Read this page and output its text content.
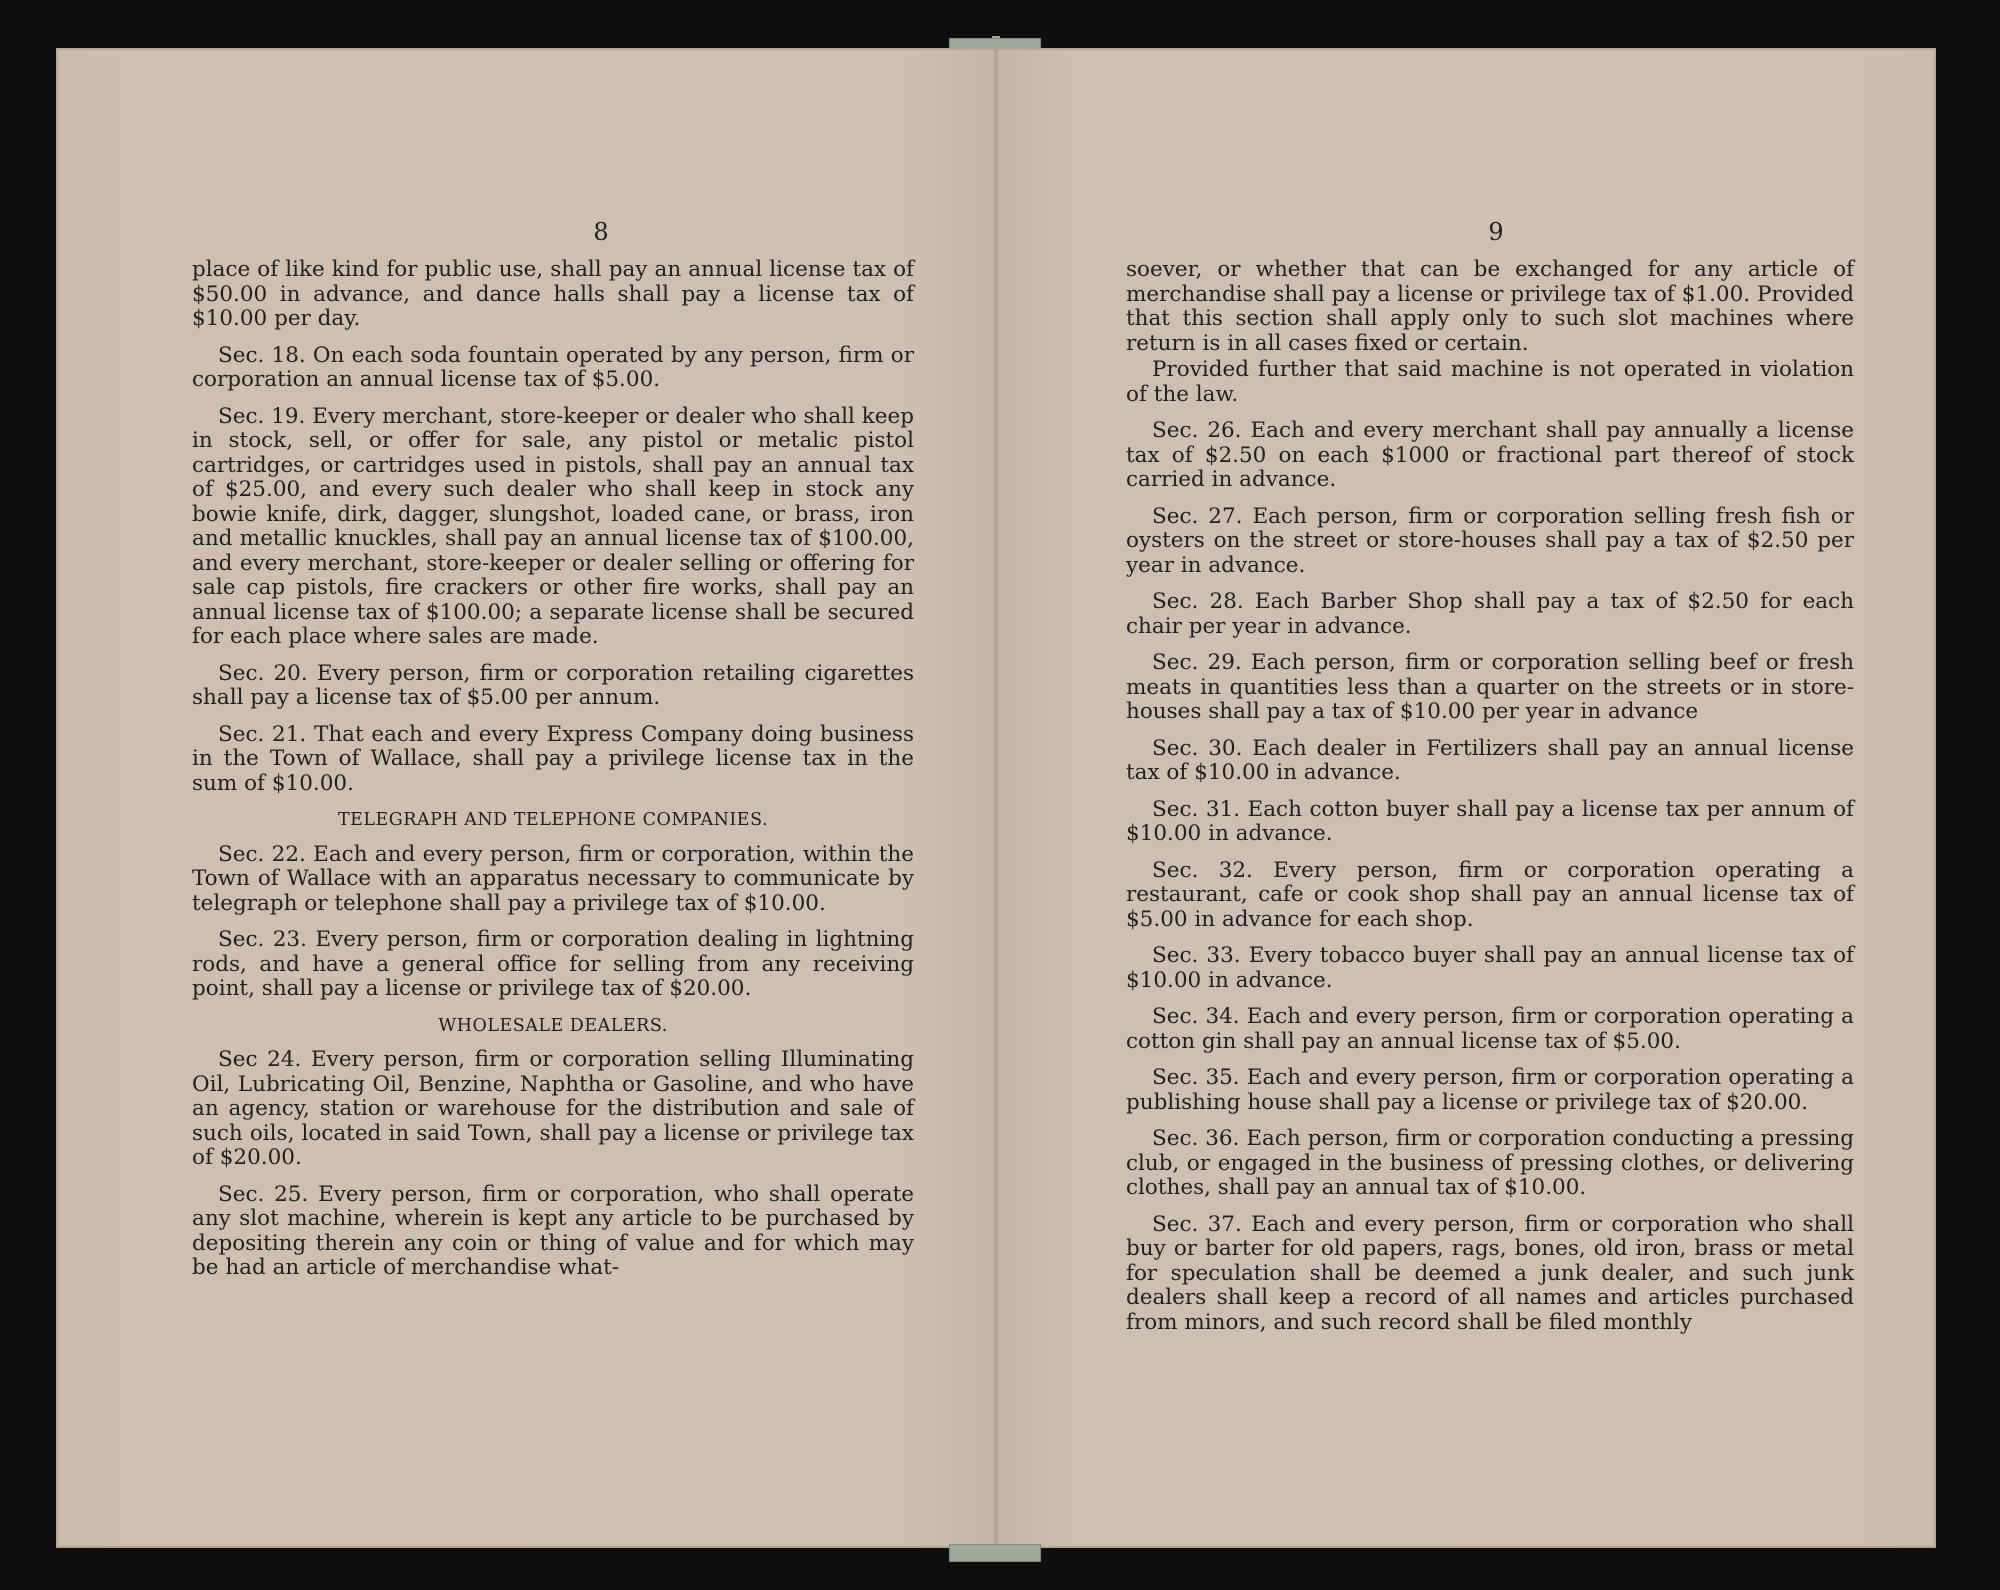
8

place of like kind for public use, shall pay an annual license tax of $50.00 in advance, and dance halls shall pay a license tax of $10.00 per day.

Sec. 18. On each soda fountain operated by any person, firm or corporation an annual license tax of $5.00.

Sec. 19. Every merchant, store-keeper or dealer who shall keep in stock, sell, or offer for sale, any pistol or metalic pistol cartridges, or cartridges used in pistols, shall pay an annual tax of $25.00, and every such dealer who shall keep in stock any bowie knife, dirk, dagger, slungshot, loaded cane, or brass, iron and metallic knuckles, shall pay an annual license tax of $100.00, and every merchant, store-keeper or dealer selling or offering for sale cap pistols, fire crackers or other fire works, shall pay an annual license tax of $100.00; a separate license shall be secured for each place where sales are made.

Sec. 20. Every person, firm or corporation retailing cigarettes shall pay a license tax of $5.00 per annum.

Sec. 21. That each and every Express Company doing business in the Town of Wallace, shall pay a privilege license tax in the sum of $10.00.

TELEGRAPH AND TELEPHONE COMPANIES.

Sec. 22. Each and every person, firm or corporation, within the Town of Wallace with an apparatus necessary to communicate by telegraph or telephone shall pay a privilege tax of $10.00.

Sec. 23. Every person, firm or corporation dealing in lightning rods, and have a general office for selling from any receiving point, shall pay a license or privilege tax of $20.00.

WHOLESALE DEALERS.

Sec 24. Every person, firm or corporation selling Illuminating Oil, Lubricating Oil, Benzine, Naphtha or Gasoline, and who have an agency, station or warehouse for the distribution and sale of such oils, located in said Town, shall pay a license or privilege tax of $20.00.

Sec. 25. Every person, firm or corporation, who shall operate any slot machine, wherein is kept any article to be purchased by depositing therein any coin or thing of value and for which may be had an article of merchandise what-

9

soever, or whether that can be exchanged for any article of merchandise shall pay a license or privilege tax of $1.00. Provided that this section shall apply only to such slot machines where return is in all cases fixed or certain.

Provided further that said machine is not operated in violation of the law.

Sec. 26. Each and every merchant shall pay annually a license tax of $2.50 on each $1000 or fractional part thereof of stock carried in advance.

Sec. 27. Each person, firm or corporation selling fresh fish or oysters on the street or store-houses shall pay a tax of $2.50 per year in advance.

Sec. 28. Each Barber Shop shall pay a tax of $2.50 for each chair per year in advance.

Sec. 29. Each person, firm or corporation selling beef or fresh meats in quantities less than a quarter on the streets or in store-houses shall pay a tax of $10.00 per year in advance

Sec. 30. Each dealer in Fertilizers shall pay an annual license tax of $10.00 in advance.

Sec. 31. Each cotton buyer shall pay a license tax per annum of $10.00 in advance.

Sec. 32. Every person, firm or corporation operating a restaurant, cafe or cook shop shall pay an annual license tax of $5.00 in advance for each shop.

Sec. 33. Every tobacco buyer shall pay an annual license tax of $10.00 in advance.

Sec. 34. Each and every person, firm or corporation operating a cotton gin shall pay an annual license tax of $5.00.

Sec. 35. Each and every person, firm or corporation operating a publishing house shall pay a license or privilege tax of $20.00.

Sec. 36. Each person, firm or corporation conducting a pressing club, or engaged in the business of pressing clothes, or delivering clothes, shall pay an annual tax of $10.00.

Sec. 37. Each and every person, firm or corporation who shall buy or barter for old papers, rags, bones, old iron, brass or metal for speculation shall be deemed a junk dealer, and such junk dealers shall keep a record of all names and articles purchased from minors, and such record shall be filed monthly
